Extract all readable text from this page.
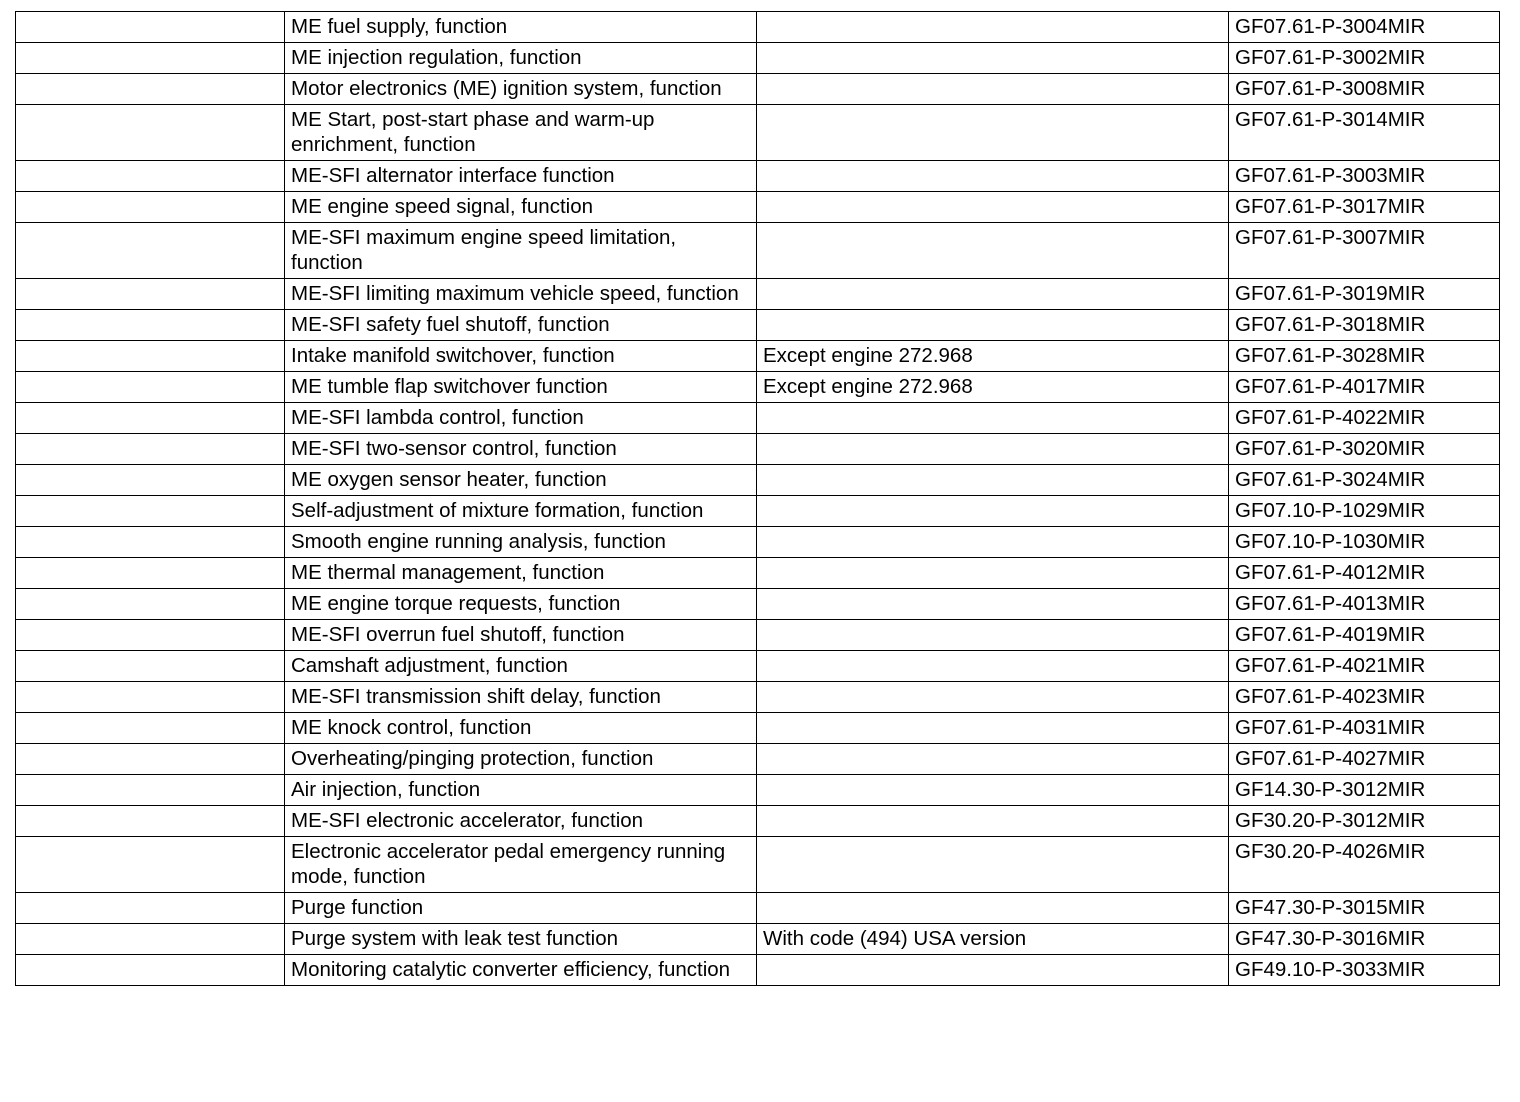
	ME fuel supply, function		GF07.61-P-3004MIR
	ME injection regulation, function		GF07.61-P-3002MIR
	Motor electronics (ME) ignition system, function		GF07.61-P-3008MIR
	ME Start, post-start phase and warm-up enrichment, function		GF07.61-P-3014MIR
	ME-SFI alternator interface function		GF07.61-P-3003MIR
	ME engine speed signal, function		GF07.61-P-3017MIR
	ME-SFI maximum engine speed limitation, function		GF07.61-P-3007MIR
	ME-SFI limiting maximum vehicle speed, function		GF07.61-P-3019MIR
	ME-SFI safety fuel shutoff, function		GF07.61-P-3018MIR
	Intake manifold switchover, function	Except engine 272.968	GF07.61-P-3028MIR
	ME tumble flap switchover function	Except engine 272.968	GF07.61-P-4017MIR
	ME-SFI lambda control, function		GF07.61-P-4022MIR
	ME-SFI two-sensor control, function		GF07.61-P-3020MIR
	ME oxygen sensor heater, function		GF07.61-P-3024MIR
	Self-adjustment of mixture formation, function		GF07.10-P-1029MIR
	Smooth engine running analysis, function		GF07.10-P-1030MIR
	ME thermal management, function		GF07.61-P-4012MIR
	ME engine torque requests, function		GF07.61-P-4013MIR
	ME-SFI overrun fuel shutoff, function		GF07.61-P-4019MIR
	Camshaft adjustment, function		GF07.61-P-4021MIR
	ME-SFI transmission shift delay, function		GF07.61-P-4023MIR
	ME knock control, function		GF07.61-P-4031MIR
	Overheating/pinging protection, function		GF07.61-P-4027MIR
	Air injection, function		GF14.30-P-3012MIR
	ME-SFI electronic accelerator, function		GF30.20-P-3012MIR
	Electronic accelerator pedal emergency running mode, function		GF30.20-P-4026MIR
	Purge function		GF47.30-P-3015MIR
	Purge system with leak test function	With code (494) USA version	GF47.30-P-3016MIR
	Monitoring catalytic converter efficiency, function		GF49.10-P-3033MIR
